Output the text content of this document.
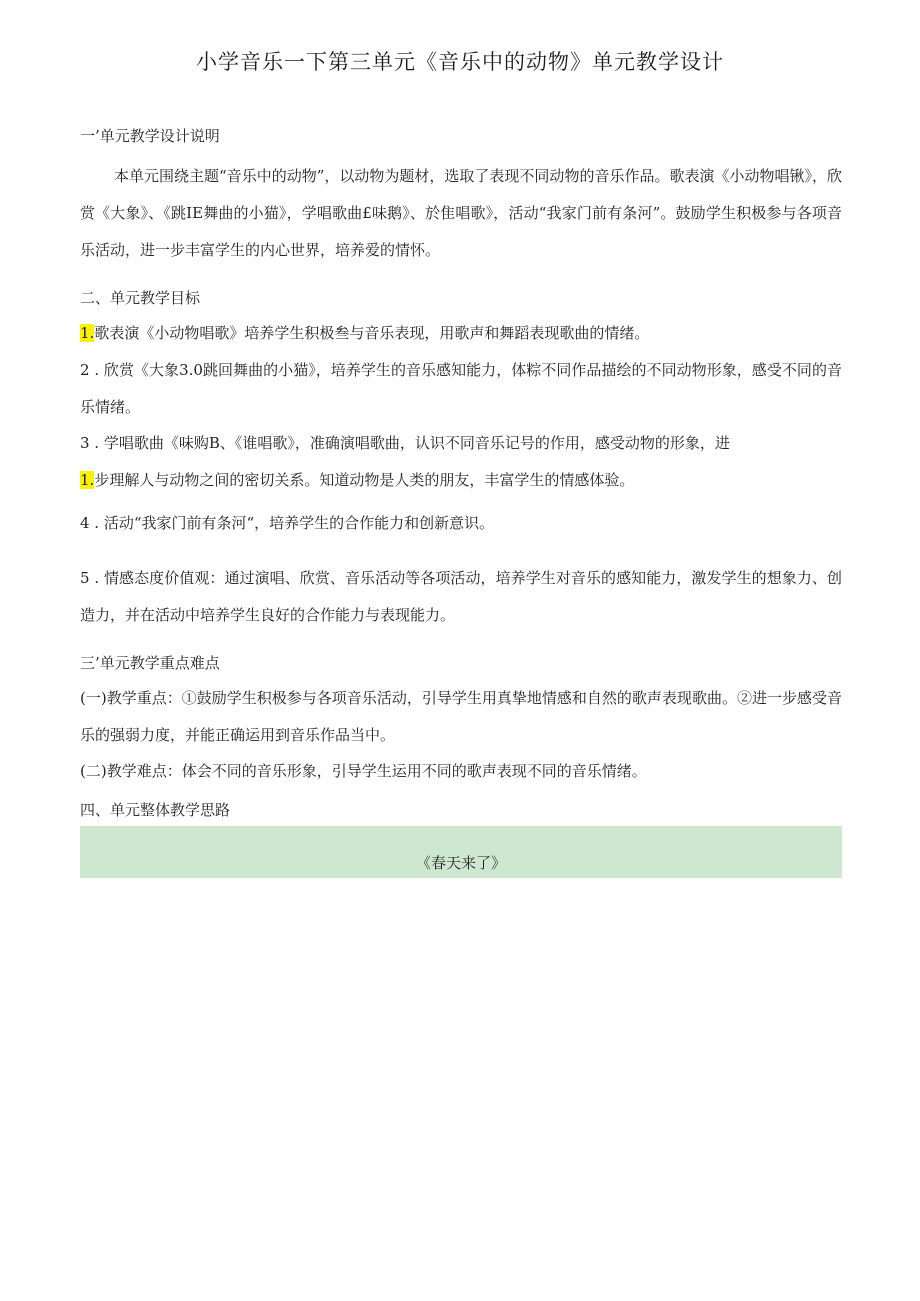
小学音乐一下第三单元《音乐中的动物》单元教学设计
一’单元教学设计说明
本单元围绕主题“音乐中的动物”，以动物为题材，选取了表现不同动物的音乐作品。歌表演《小动物唱锹》，欣赏《大象》、《跳IE舞曲的小猫》，学唱歌曲£味鹅》、於隹唱歌》，活动“我家门前有条河”。鼓励学生积极参与各项音乐活动，进一步丰富学生的内心世界，培养爱的情怀。
二、单元教学目标
1.歌表演《小动物唱歌》培养学生积极叁与音乐表现，用歌声和舞蹈表现歌曲的情绪。
2 . 欣赏《大象3.0跳回舞曲的小猫》，培养学生的音乐感知能力，体粽不同作品描绘的不同动物形象，感受不同的音乐情绪。
3 . 学唱歌曲《味购B、《谁唱歌》，准确演唱歌曲，认识不同音乐记号的作用，感受动物的形象，进
1.步理解人与动物之间的密切关系。知道动物是人类的朋友，丰富学生的情感体验。
4 . 活动“我家门前有条河“，培养学生的合作能力和创新意识。
5 . 情感态度价值观：通过演唱、欣赏、音乐活动等各项活动，培养学生对音乐的感知能力，激发学生的想象力、创造力，并在活动中培养学生良好的合作能力与表现能力。
三’单元教学重点难点
(一)教学重点：①鼓励学生积极参与各项音乐活动，引导学生用真挚地情感和自然的歌声表现歌曲。②进一步感受音乐的强弱力度，并能正确运用到音乐作品当中。
(二)教学难点：体会不同的音乐形象，引导学生运用不同的歌声表现不同的音乐情绪。
四、单元整体教学思路
《春天来了》
